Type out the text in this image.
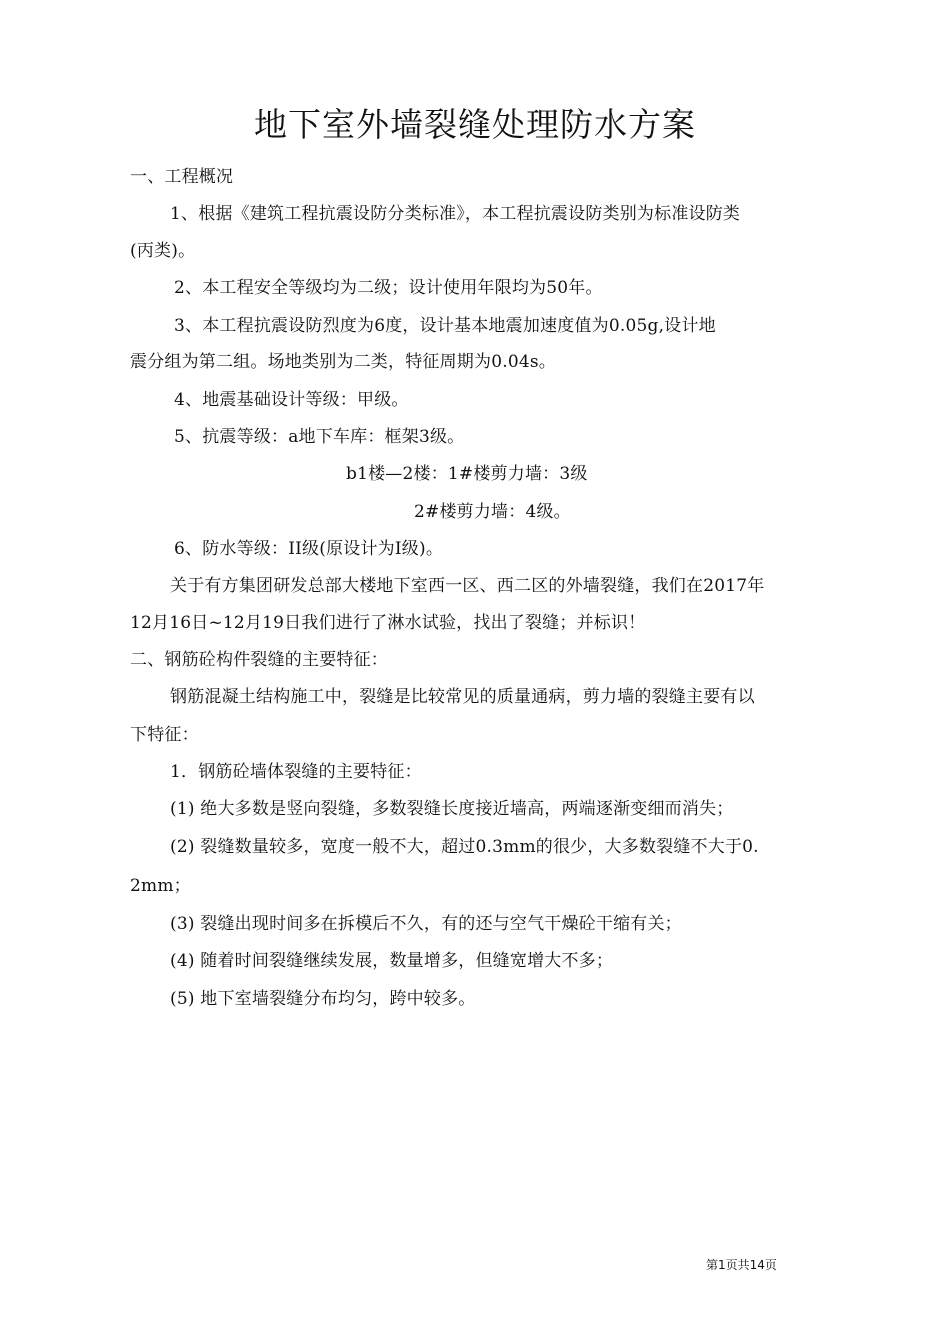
地下室外墙裂缝处理防水方案
一、工程概况
1、根据《建筑工程抗震设防分类标准》，本工程抗震设防类别为标准设防类
(丙类)。
2、本工程安全等级均为二级；设计使用年限均为50年。
3、本工程抗震设防烈度为6度，设计基本地震加速度值为0.05g,设计地
震分组为第二组。场地类别为二类，特征周期为0.04s。
4、地震基础设计等级：甲级。
5、抗震等级：a地下车库：框架3级。
b1楼—2楼：1#楼剪力墙：3级
2#楼剪力墙：4级。
6、防水等级：II级(原设计为I级)。
关于有方集团研发总部大楼地下室西一区、西二区的外墙裂缝，我们在2017年
12月16日~12月19日我们进行了淋水试验，找出了裂缝；并标识！
二、钢筋砼构件裂缝的主要特征：
钢筋混凝土结构施工中，裂缝是比较常见的质量通病，剪力墙的裂缝主要有以
下特征：
1．钢筋砼墙体裂缝的主要特征：
(1) 绝大多数是竖向裂缝，多数裂缝长度接近墙高，两端逐渐变细而消失；
(2) 裂缝数量较多，宽度一般不大，超过0.3mm的很少，大多数裂缝不大于0.
2mm；
(3) 裂缝出现时间多在拆模后不久，有的还与空气干燥砼干缩有关；
(4) 随着时间裂缝继续发展，数量增多，但缝宽增大不多；
(5) 地下室墙裂缝分布均匀，跨中较多。
第1页共14页
